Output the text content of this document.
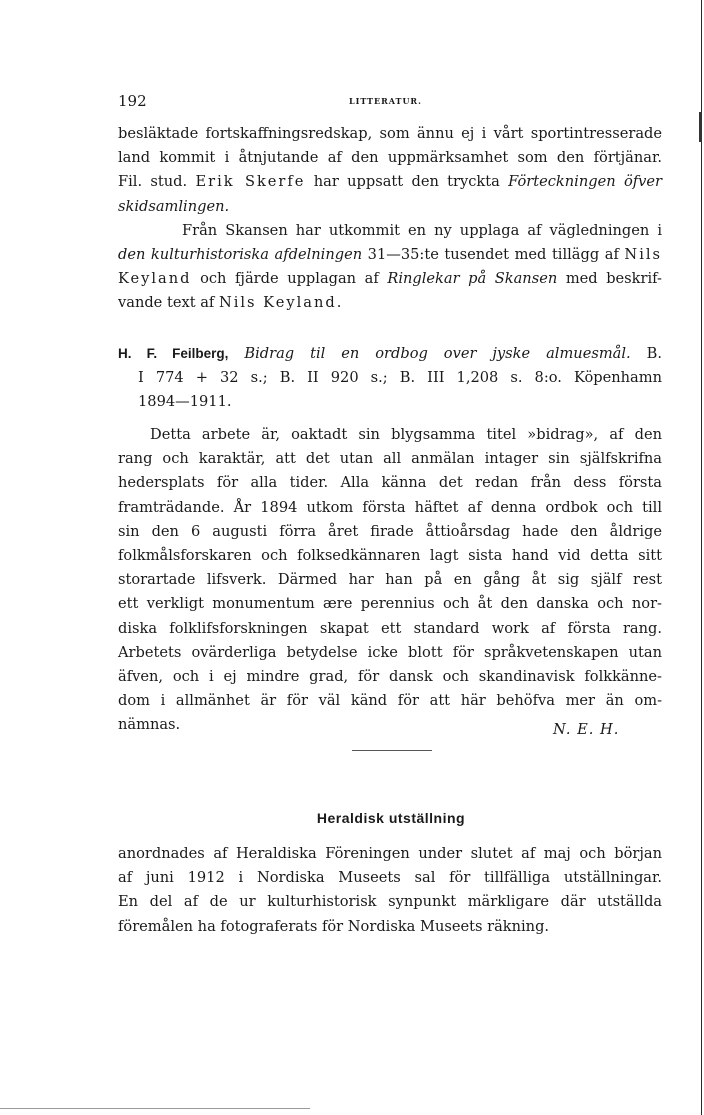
192	LITTERATUR.
besläktade fortskaffningsredskap, som ännu ej i vårt sportintresserade
land kommit i åtnjutande af den uppmärksamhet som den förtjänar.
Fil. stud. Erik Skerfe har uppsatt den tryckta Förteckningen öfver
skidsamlingen.
Från Skansen har utkommit en ny upplaga af vägledningen i
den kulturhistoriska afdelningen 31—35:te tusendet med tillägg af Nils
Keyland och fjärde upplagan af Ringlekar på Skansen med beskrif-
vande text af Nils Keyland.
H. F. Feilberg, Bidrag til en ordbog over jyske almuesmål. B.
I 774 + 32 s.; B. II 920 s.; B. III 1,208 s. 8:o. Köpenhamn
1894—1911.
Detta arbete är, oaktadt sin blygsamma titel »bidrag», af den
rang och karaktär, att det utan all anmälan intager sin själfskrifna
hedersplats för alla tider. Alla känna det redan från dess första
framträdande. År 1894 utkom första häftet af denna ordbok och till
sin den 6 augusti förra året firade åttioårsdag hade den åldrige
folkmålsforskaren och folksedkännaren lagt sista hand vid detta sitt
storartade lifsverk. Därmed har han på en gång åt sig själf rest
ett verkligt monumentum ære perennius och åt den danska och nor-
diska folklifsforskningen skapat ett standard work af första rang.
Arbetets ovärderliga betydelse icke blott för språkvetenskapen utan
äfven, och i ej mindre grad, för dansk och skandinavisk folkkänne-
dom i allmänhet är för väl känd för att här behöfva mer än om-
nämnas.	N. E. H.
Heraldisk utställning
anordnades af Heraldiska Föreningen under slutet af maj och början
af juni 1912 i Nordiska Museets sal för tillfälliga utställningar.
En del af de ur kulturhistorisk synpunkt märkligare där utställda
föremålen ha fotograferats för Nordiska Museets räkning.
